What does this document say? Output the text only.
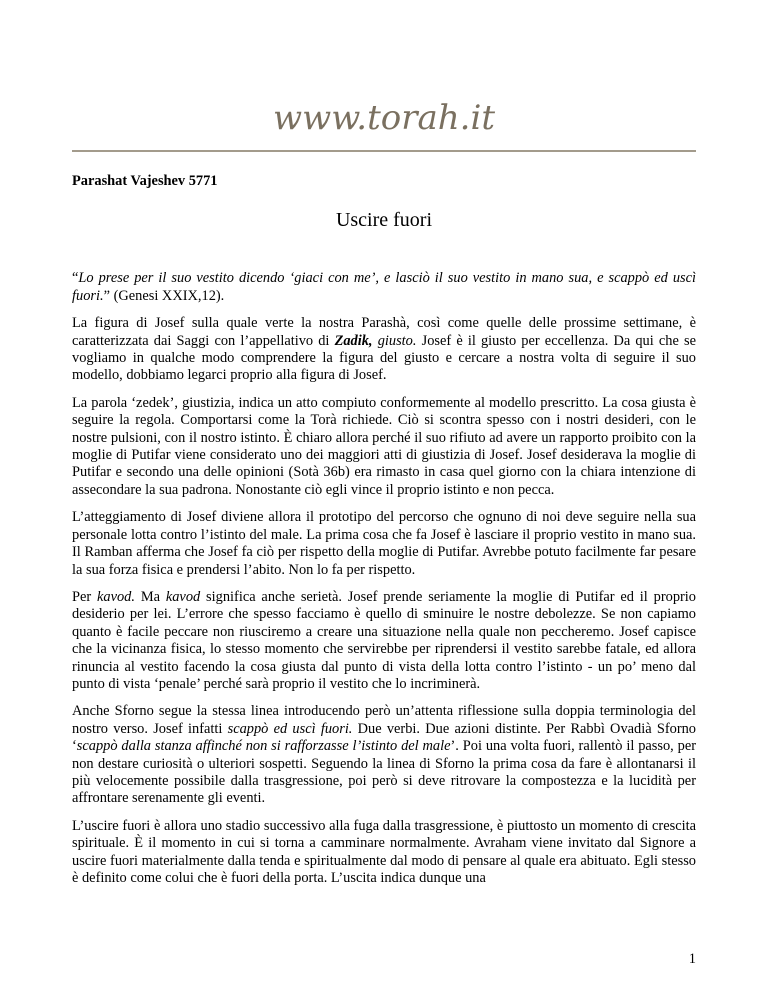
www.torah.it
Parashat Vajeshev 5771
Uscire fuori

“Lo prese per il suo vestito dicendo ‘giaci con me’, e lasciò il suo vestito in mano sua, e scappò ed uscì fuori.” (Genesi XXIX,12).

La figura di Josef sulla quale verte la nostra Parashà, così come quelle delle prossime settimane, è caratterizzata dai Saggi con l’appellativo di Zadik, giusto. Josef è il giusto per eccellenza. Da qui che se vogliamo in qualche modo comprendere la figura del giusto e cercare a nostra volta di seguire il suo modello, dobbiamo legarci proprio alla figura di Josef.

La parola ‘zedek’, giustizia, indica un atto compiuto conformemente al modello prescritto. La cosa giusta è seguire la regola. Comportarsi come la Torà richiede. Ciò si scontra spesso con i nostri desideri, con le nostre pulsioni, con il nostro istinto. È chiaro allora perché il suo rifiuto ad avere un rapporto proibito con la moglie di Putifar viene considerato uno dei maggiori atti di giustizia di Josef. Josef desiderava la moglie di Putifar e secondo una delle opinioni (Sotà 36b) era rimasto in casa quel giorno con la chiara intenzione di assecondare la sua padrona. Nonostante ciò egli vince il proprio istinto e non pecca.

L’atteggiamento di Josef diviene allora il prototipo del percorso che ognuno di noi deve seguire nella sua personale lotta contro l’istinto del male. La prima cosa che fa Josef è lasciare il proprio vestito in mano sua. Il Ramban afferma che Josef fa ciò per rispetto della moglie di Putifar. Avrebbe potuto facilmente far pesare la sua forza fisica e prendersi l’abito. Non lo fa per rispetto.

Per kavod. Ma kavod significa anche serietà. Josef prende seriamente la moglie di Putifar ed il proprio desiderio per lei. L’errore che spesso facciamo è quello di sminuire le nostre debolezze. Se non capiamo quanto è facile peccare non riusciremo a creare una situazione nella quale non peccheremo. Josef capisce che la vicinanza fisica, lo stesso momento che servirebbe per riprendersi il vestito sarebbe fatale, ed allora rinuncia al vestito facendo la cosa giusta dal punto di vista della lotta contro l’istinto - un po’ meno dal punto di vista ‘penale’ perché sarà proprio il vestito che lo incriminerà.

Anche Sforno segue la stessa linea introducendo però un’attenta riflessione sulla doppia terminologia del nostro verso. Josef infatti scappò ed uscì fuori. Due verbi. Due azioni distinte. Per Rabbì Ovadià Sforno ‘scappò dalla stanza affinché non si rafforzasse l’istinto del male’. Poi una volta fuori, rallentò il passo, per non destare curiosità o ulteriori sospetti. Seguendo la linea di Sforno la prima cosa da fare è allontanarsi il più velocemente possibile dalla trasgressione, poi però si deve ritrovare la compostezza e la lucidità per affrontare serenamente gli eventi.

L’uscire fuori è allora uno stadio successivo alla fuga dalla trasgressione, è piuttosto un momento di crescita spirituale. È il momento in cui si torna a camminare normalmente. Avraham viene invitato dal Signore a uscire fuori materialmente dalla tenda e spiritualmente dal modo di pensare al quale era abituato. Egli stesso è definito come colui che è fuori della porta. L’uscita indica dunque una

1
